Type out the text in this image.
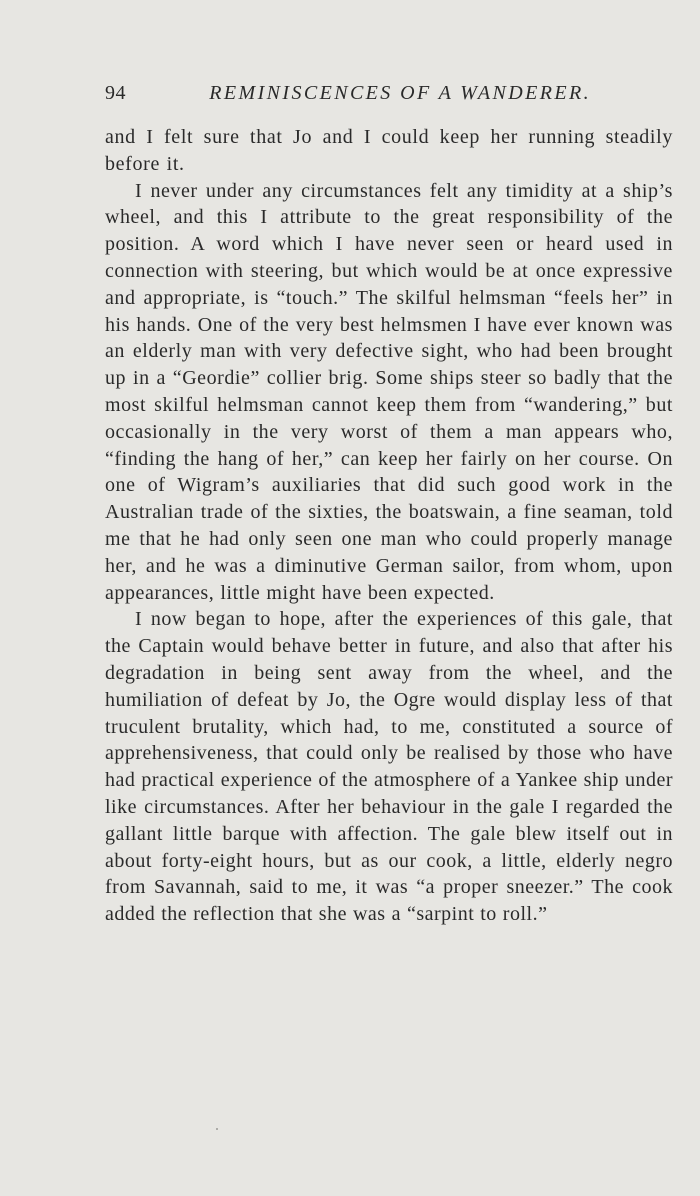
94	REMINISCENCES OF A WANDERER.

and I felt sure that Jo and I could keep her running steadily before it.

I never under any circumstances felt any timidity at a ship’s wheel, and this I attribute to the great responsibility of the position. A word which I have never seen or heard used in connection with steering, but which would be at once expressive and appropriate, is “touch.” The skilful helmsman “feels her” in his hands. One of the very best helmsmen I have ever known was an elderly man with very defective sight, who had been brought up in a “Geordie” collier brig. Some ships steer so badly that the most skilful helmsman cannot keep them from “wandering,” but occasionally in the very worst of them a man appears who, “finding the hang of her,” can keep her fairly on her course. On one of Wigram’s auxiliaries that did such good work in the Australian trade of the sixties, the boatswain, a fine seaman, told me that he had only seen one man who could properly manage her, and he was a diminutive German sailor, from whom, upon appearances, little might have been expected.

I now began to hope, after the experiences of this gale, that the Captain would behave better in future, and also that after his degradation in being sent away from the wheel, and the humiliation of defeat by Jo, the Ogre would display less of that truculent brutality, which had, to me, constituted a source of apprehensiveness, that could only be realised by those who have had practical experience of the atmosphere of a Yankee ship under like circumstances. After her behaviour in the gale I regarded the gallant little barque with affection. The gale blew itself out in about forty-eight hours, but as our cook, a little, elderly negro from Savannah, said to me, it was “a proper sneezer.” The cook added the reflection that she was a “sarpint to roll.”
